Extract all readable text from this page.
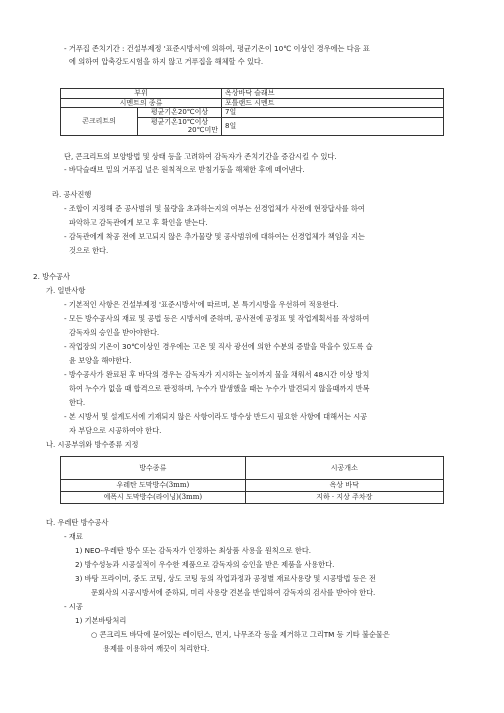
- 거푸집 존치기간 : 건설부제정 '표준시방서'에 의하여, 평균기온이 10℃ 이상인 경우에는 다음 표
에 의하여 압축강도시험을 하지 않고 거푸집을 해체할 수 있다.
부위		옥상바닥 슬래브
시멘트의 종류		포틀랜드 시멘트
콘크리트의	평균기온20℃이상	7일
	평균기온10℃이상	8일
	20℃미만	
단, 콘크리트의 보양방법 및 상태 등을 고려하여 감독자가 존치기간을 증감시킬 수 있다.
- 바닥슬래브 밑의 거푸집 널은 원칙적으로 받침기둥을 해체한 후에 떼어낸다.
라. 공사진행
- 조합이 지정해 준 공사범위 및 물량을 초과하는지의 여부는 선경업체가 사전에 현장답사를 하여
파악하고 감독관에게 보고 후 확인을 받는다.
- 감독관에게 착공 전에 보고되지 않은 추가물량 및 공사범위에 대하여는 선경업체가 책임을 지는
것으로 한다.
2. 방수공사
가. 일반사항
- 기본적인 사항은 건설부제정 '표준시방서'에 따르며, 본 특기시방을 우선하여 적용한다.
- 모든 방수공사의 재료 및 공법 등은 시방서에 준하며, 공사전에 공정표 및 작업계획서를 작성하여
감독자의 승인을 받아야한다.
- 작업장의 기온이 30℃이상인 경우에는 고온 및 직사 광선에 의한 수분의 증발을 막을수 있도록 습
윤 보양을 해야한다.
- 방수공사가 완료된 후 바닥의 경우는 감독자가 지시하는 높이까지 물을 채워서 48시간 이상 방치
하여 누수가 없을 때 합격으로 판정하며, 누수가 발생했을 때는 누수가 발견되지 않을때까지 반복
한다.
- 본 시방서 및 설계도서에 기재되지 않은 사항이라도 방수상 반드시 필요한 사항에 대해서는 시공
자 부담으로 시공하여야 한다.
나. 시공부위와 방수종류 지정
방수종류	시공개소
우레탄 도막방수(3mm)	옥상 바닥
에폭시 도막방수(라이닝)(3mm)	지하 · 지상 주차장
다. 우레탄 방수공사
- 재료
1) NEO-우레탄 방수 또는 감독자가 인정하는 최상품 사용을 원칙으로 한다.
2) 방수성능과 시공실적이 우수한 제품으로 감독자의 승인을 받은 제품을 사용한다.
3) 바탕 프라이머, 중도 코팅, 상도 코팅 등의 작업과정과 공정별 재료사용량 및 시공방법 등은 전
문회사의 시공시방서에 준하되, 미리 사용량 견본을 반입하여 감독자의 검사를 받아야 한다.
- 시공
1) 기본바탕처리
○ 콘크리트 바닥에 묻어있는 레이턴스, 먼지, 나무조각 등을 제거하고 그리TM 등 기타 불순물은
용제를 이용하여 깨끗이 처리한다.
